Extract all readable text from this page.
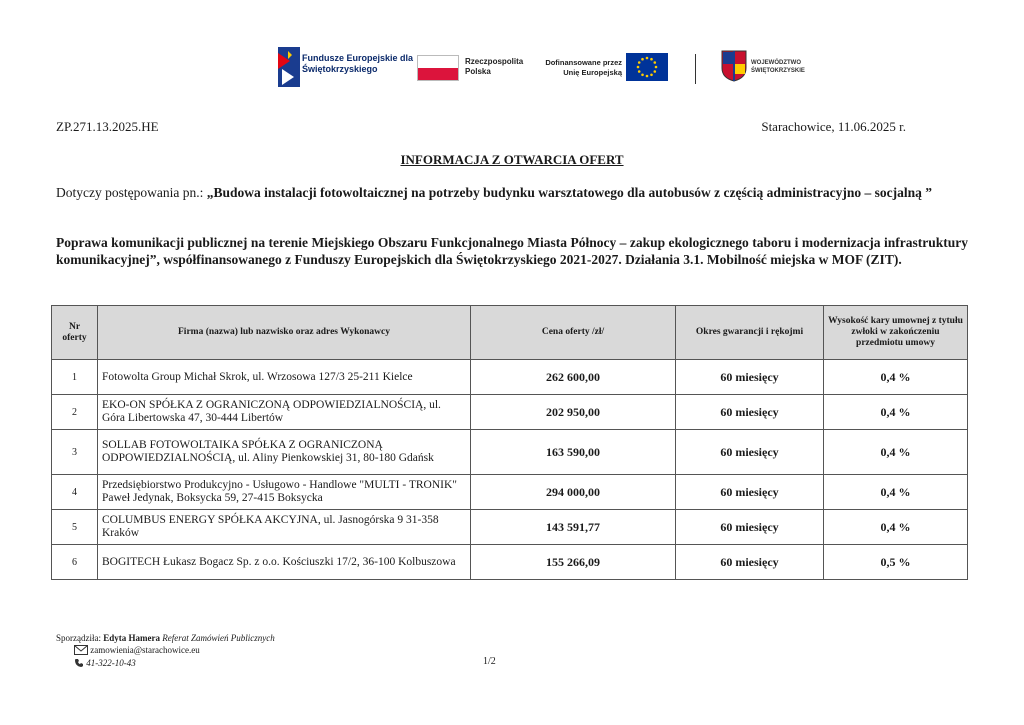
Fundusze Europejskie dla Świętokrzyskiego
Rzeczpospolita Polska
Dofinansowane przez Unię Europejską
WOJEWÓDZTWO ŚWIĘTOKRZYSKIE
ZP.271.13.2025.HE	Starachowice, 11.06.2025 r.
INFORMACJA Z OTWARCIA OFERT
Dotyczy postępowania pn.: „Budowa instalacji fotowoltaicznej na potrzeby budynku warsztatowego dla autobusów z częścią administracyjno – socjalną ”
Poprawa komunikacji publicznej na terenie Miejskiego Obszaru Funkcjonalnego Miasta Północy – zakup ekologicznego taboru i modernizacja infrastruktury komunikacyjnej”, współfinansowanego z Funduszy Europejskich dla Świętokrzyskiego 2021-2027. Działania 3.1. Mobilność miejska w MOF (ZIT).
Nr oferty	Firma (nazwa) lub nazwisko oraz adres Wykonawcy	Cena oferty /zł/	Okres gwarancji i rękojmi	Wysokość kary umownej z tytułu zwłoki w zakończeniu przedmiotu umowy
1	Fotowolta Group Michał Skrok, ul. Wrzosowa 127/3 25-211 Kielce	262 600,00	60 miesięcy	0,4 %
2	EKO-ON SPÓŁKA Z OGRANICZONĄ ODPOWIEDZIALNOŚCIĄ, ul. Góra Libertowska 47, 30-444 Libertów	202 950,00	60 miesięcy	0,4 %
3	SOLLAB FOTOWOLTAIKA SPÓŁKA Z OGRANICZONĄ ODPOWIEDZIALNOŚCIĄ, ul. Aliny Pienkowskiej 31, 80-180 Gdańsk	163 590,00	60 miesięcy	0,4 %
4	Przedsiębiorstwo Produkcyjno - Usługowo - Handlowe "MULTI - TRONIK" Paweł Jedynak, Boksycka 59, 27-415 Boksycka	294 000,00	60 miesięcy	0,4 %
5	COLUMBUS ENERGY SPÓŁKA AKCYJNA, ul. Jasnogórska 9 31-358 Kraków	143 591,77	60 miesięcy	0,4 %
6	BOGITECH Łukasz Bogacz Sp. z o.o. Kościuszki 17/2, 36-100 Kolbuszowa	155 266,09	60 miesięcy	0,5 %
Sporządziła: Edyta Hamera Referat Zamówień Publicznych
zamowienia@starachowice.eu
41-322-10-43	1/2
